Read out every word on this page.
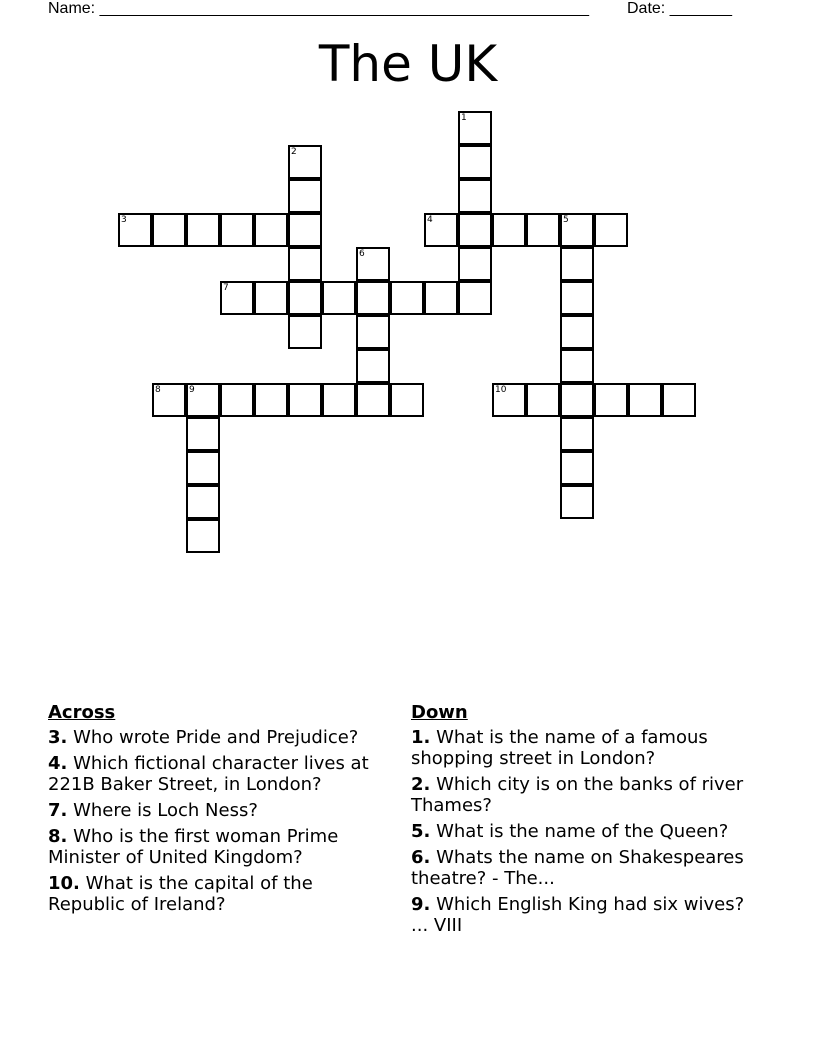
Name: _______________________________________________________ Date: _______
The UK
1
2
3	4	5
6
7
8	9	10
Across
3. Who wrote Pride and Prejudice?
4. Which fictional character lives at 221B Baker Street, in London?
7. Where is Loch Ness?
8. Who is the first woman Prime Minister of United Kingdom?
10. What is the capital of the Republic of Ireland?
Down
1. What is the name of a famous shopping street in London?
2. Which city is on the banks of river Thames?
5. What is the name of the Queen?
6. Whats the name on Shakespeares theatre? - The...
9. Which English King had six wives? ... VIII
